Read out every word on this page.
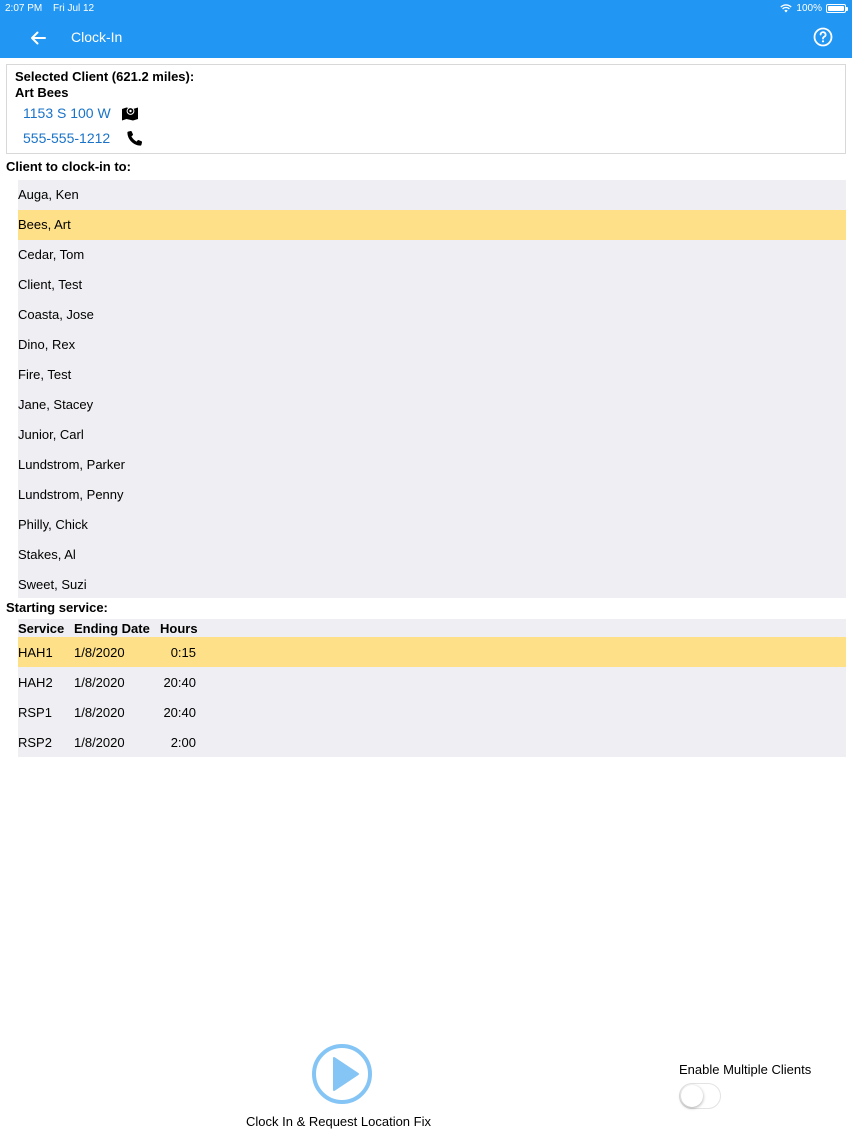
2:07 PM Fri Jul 12	100%
Clock-In
Selected Client (621.2 miles):
Art Bees
1153 S 100 W
555-555-1212
Client to clock-in to:
Auga, Ken
Bees, Art
Cedar, Tom
Client, Test
Coasta, Jose
Dino, Rex
Fire, Test
Jane, Stacey
Junior, Carl
Lundstrom, Parker
Lundstrom, Penny
Philly, Chick
Stakes, Al
Sweet, Suzi
Starting service:
Service Ending Date Hours
HAH1	1/8/2020	0:15
HAH2	1/8/2020	20:40
RSP1	1/8/2020	20:40
RSP2	1/8/2020	2:00
Clock In & Request Location Fix
Enable Multiple Clients
